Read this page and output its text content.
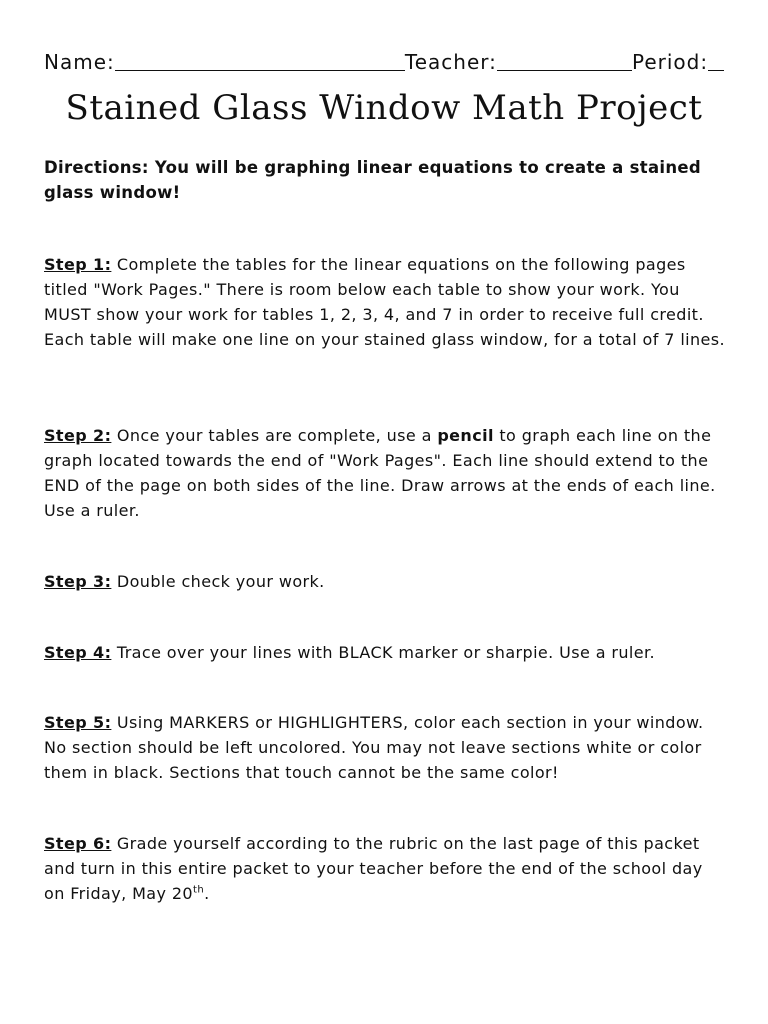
Name:	Teacher:	Period:
Stained Glass Window Math Project
Directions: You will be graphing linear equations to create a stained glass window!
Step 1: Complete the tables for the linear equations on the following pages titled "Work Pages." There is room below each table to show your work. You MUST show your work for tables 1, 2, 3, 4, and 7 in order to receive full credit. Each table will make one line on your stained glass window, for a total of 7 lines.
Step 2: Once your tables are complete, use a pencil to graph each line on the graph located towards the end of "Work Pages". Each line should extend to the END of the page on both sides of the line. Draw arrows at the ends of each line. Use a ruler.
Step 3: Double check your work.
Step 4: Trace over your lines with BLACK marker or sharpie. Use a ruler.
Step 5: Using MARKERS or HIGHLIGHTERS, color each section in your window. No section should be left uncolored. You may not leave sections white or color them in black. Sections that touch cannot be the same color!
Step 6: Grade yourself according to the rubric on the last page of this packet and turn in this entire packet to your teacher before the end of the school day on Friday, May 20th.
